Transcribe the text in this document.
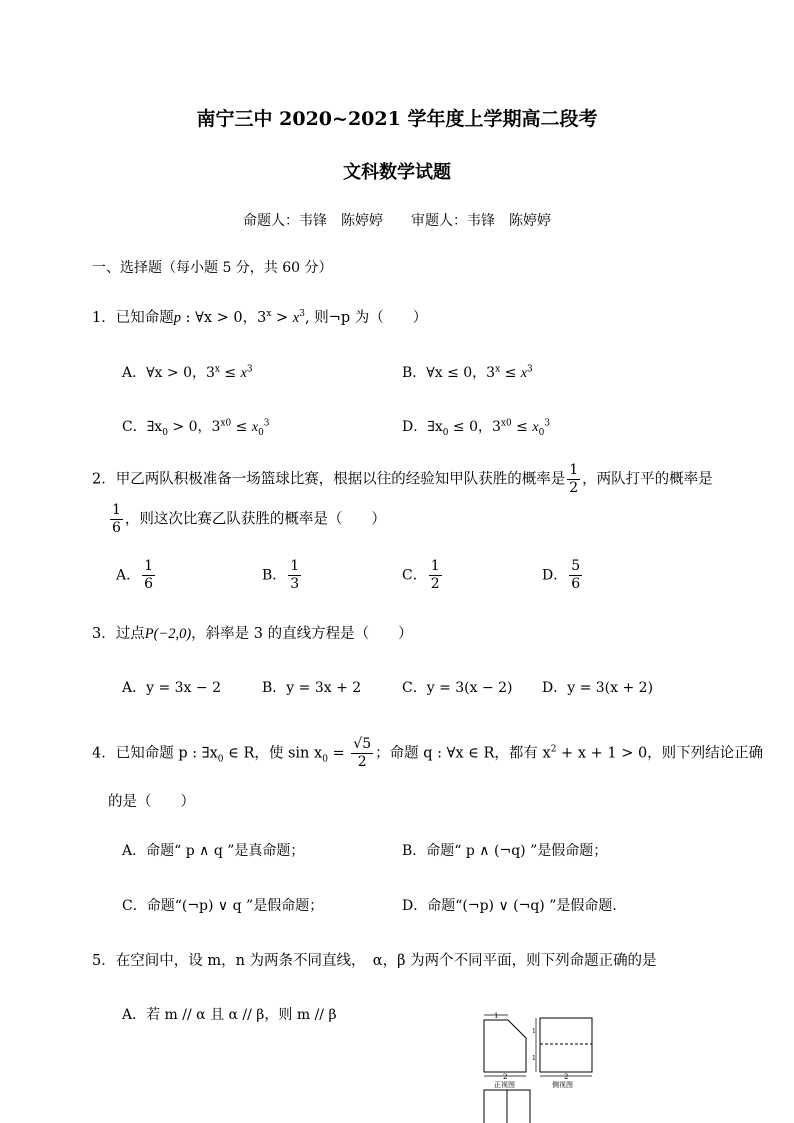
南宁三中 2020~2021 学年度上学期高二段考
文科数学试题
命题人：韦锋　陈婷婷　　审题人：韦锋　陈婷婷
一、选择题（每小题 5 分，共 60 分）
1．已知命题p : ∀x > 0，$3^x > x^3$, 则¬p 为（　　）
A．∀x > 0，$3^x \le x^3$	B．∀x ≤ 0，$3^x \le x^3$
C．$\exists x_0 > 0$，$3^{x0} \le x_0^3$	D．$\exists x_0 \le 0$，$3^{x0} \le x_0^3$
2．甲乙两队积极准备一场篮球比赛，根据以往的经验知甲队获胜的概率是 $\frac{1}{2}$ ，两队打平的概率是
$\frac{1}{6}$ ，则这次比赛乙队获胜的概率是（　　）
A． $\frac{1}{6}$	B． $\frac{1}{3}$	C． $\frac{1}{2}$	D． $\frac{5}{6}$
3．过点P(−2,0)，斜率是 3 的直线方程是（　　）
A．y = 3x − 2	B．y = 3x + 2	C．y = 3(x − 2) D．y = 3(x + 2)
4．已知命题 p : $\exists x_0$ ∈ R，使 $\sin x_0 = \frac{√5}{2}$ ；命题 q : ∀x ∈ R，都有 $x^2 + x + 1 > 0$，则下列结论正确
的是（　　）
A．命题“ p ∧ q ”是真命题；	B．命题“ p ∧ (¬q) ”是假命题；
C．命题“(¬p) ∨ q ”是假命题；	D．命题“(¬p) ∨ (¬q) ”是假命题．
5．在空间中，设 m，n 为两条不同直线，　α，β 为两个不同平面，则下列命题正确的是
A．若 m // α 且 α // β，则 m // β	1
2	2
1
1
正视图	侧视图
